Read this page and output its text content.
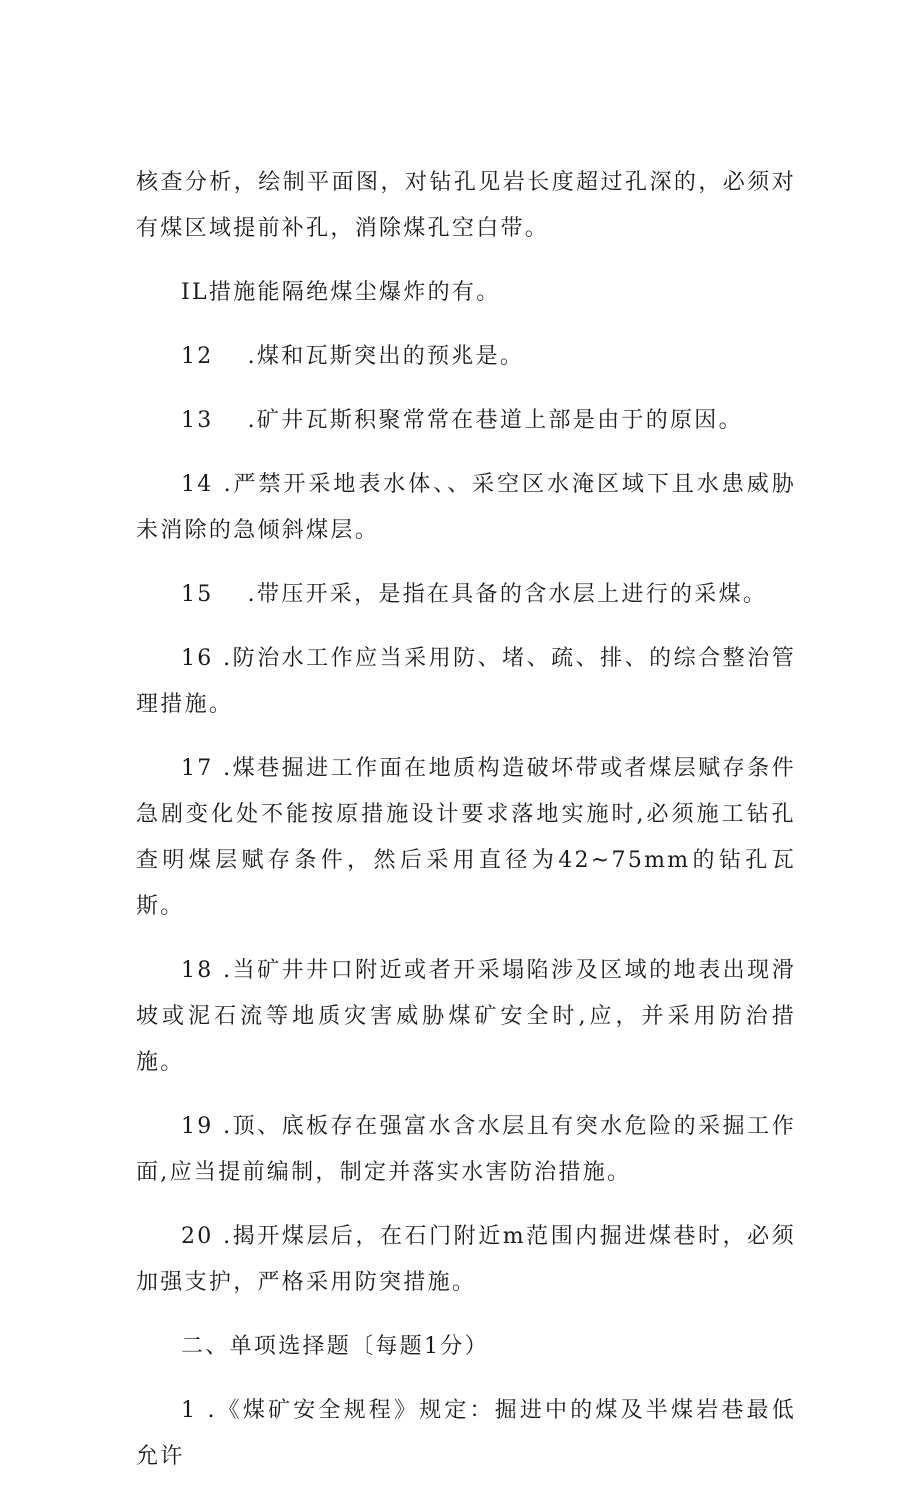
核查分析，绘制平面图，对钻孔见岩长度超过孔深的，必须对有煤区域提前补孔，消除煤孔空白带。

IL措施能隔绝煤尘爆炸的有。

12 .煤和瓦斯突出的预兆是。

13 .矿井瓦斯积聚常常在巷道上部是由于的原因。

14 .严禁开采地表水体、、采空区水淹区域下且水患威胁未消除的急倾斜煤层。

15 .带压开采，是指在具备的含水层上进行的采煤。

16 .防治水工作应当采用防、堵、疏、排、的综合整治管理措施。

17 .煤巷掘进工作面在地质构造破坏带或者煤层赋存条件急剧变化处不能按原措施设计要求落地实施时,必须施工钻孔查明煤层赋存条件，然后采用直径为42~75mm的钻孔瓦斯。

18 .当矿井井口附近或者开采塌陷涉及区域的地表出现滑坡或泥石流等地质灾害威胁煤矿安全时,应，并采用防治措施。

19 .顶、底板存在强富水含水层且有突水危险的采掘工作面,应当提前编制，制定并落实水害防治措施。

20 .揭开煤层后，在石门附近m范围内掘进煤巷时，必须加强支护，严格采用防突措施。

二、单项选择题〔每题1分）

1 .《煤矿安全规程》规定：掘进中的煤及半煤岩巷最低允许
